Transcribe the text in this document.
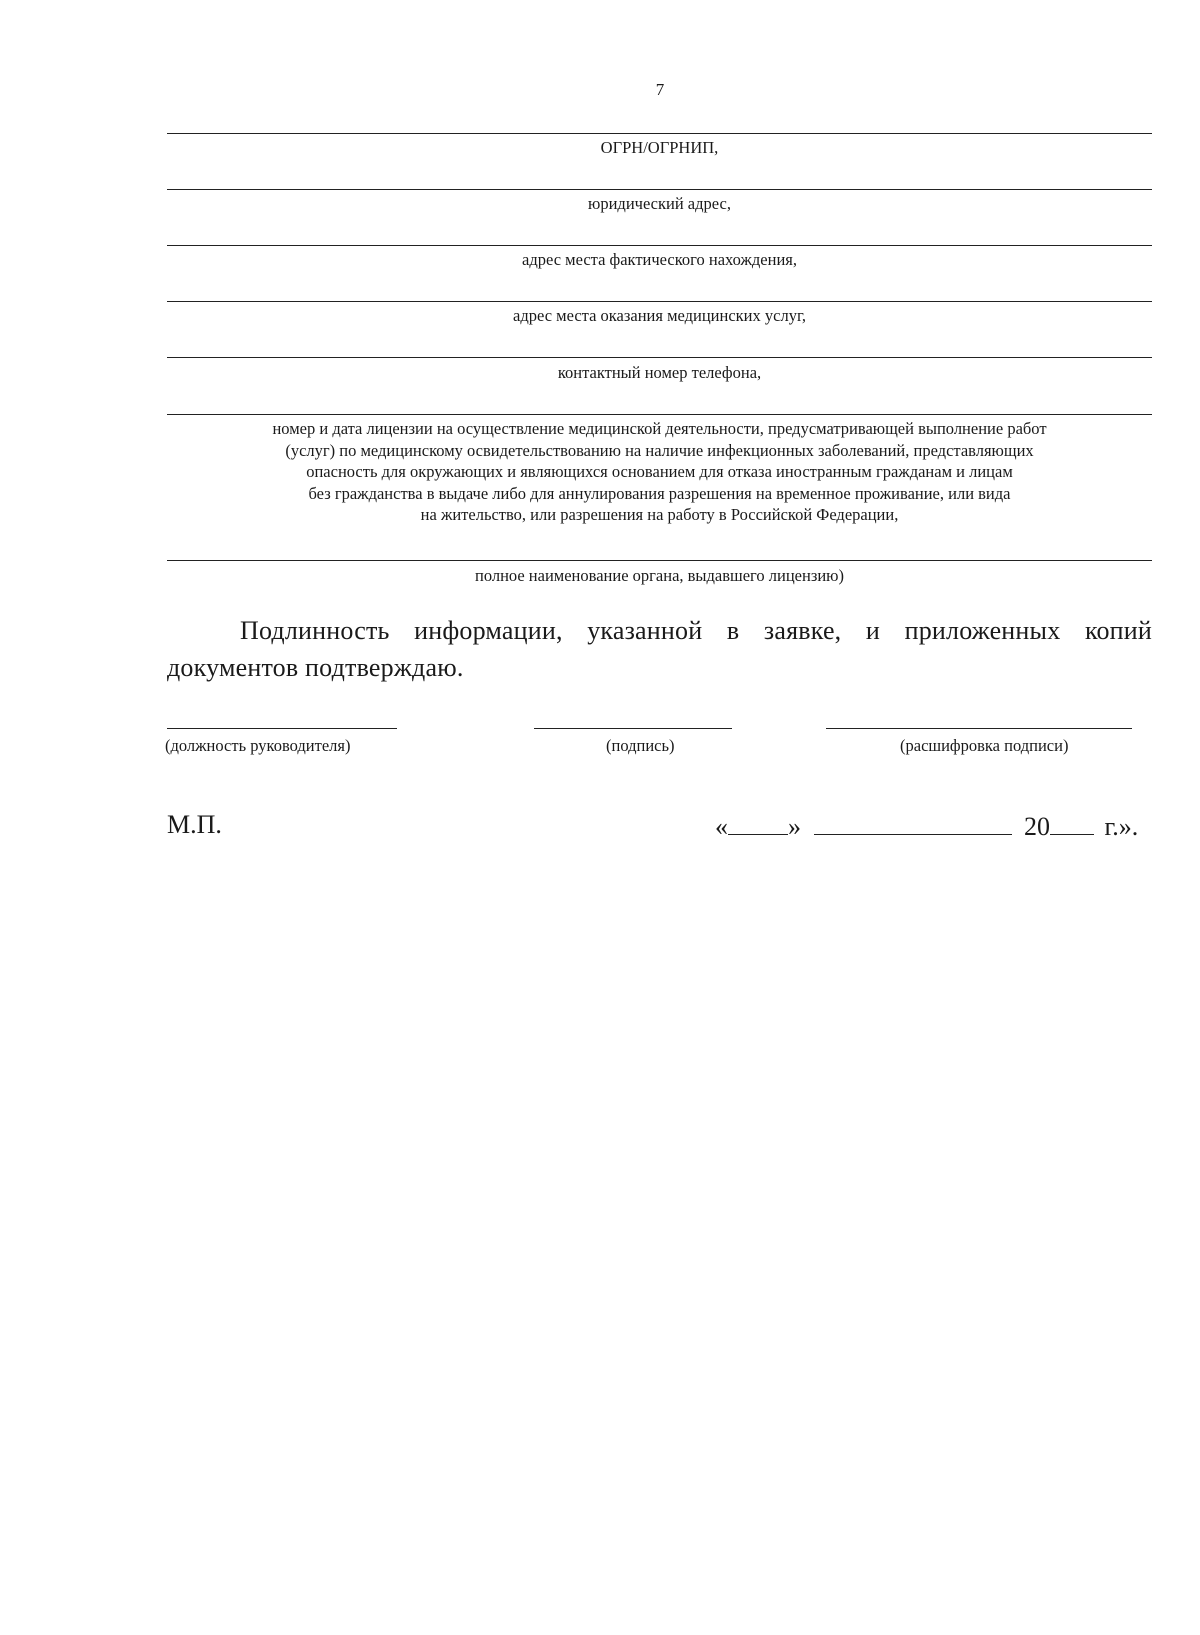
7
ОГРН/ОГРНИП,
юридический адрес,
адрес места фактического нахождения,
адрес места оказания медицинских услуг,
контактный номер телефона,
номер и дата лицензии на осуществление медицинской деятельности, предусматривающей выполнение работ
(услуг) по медицинскому освидетельствованию на наличие инфекционных заболеваний, представляющих
опасность для окружающих и являющихся основанием для отказа иностранным гражданам и лицам
без гражданства в выдаче либо для аннулирования разрешения на временное проживание, или вида
на жительство, или разрешения на работу в Российской Федерации,
полное наименование органа, выдавшего лицензию)
Подлинность информации, указанной в заявке, и приложенных копий документов подтверждаю.
(должность руководителя)	(подпись)	(расшифровка подписи)
М.П.	« »	20 г.».
